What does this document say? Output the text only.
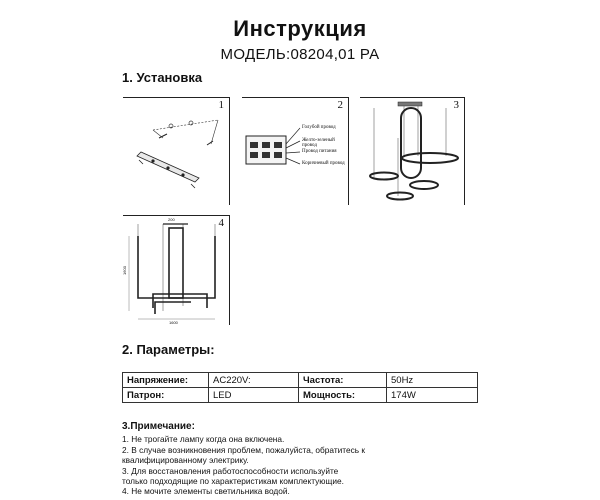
Инструкция
МОДЕЛЬ:08204,01 PA
1. Установка
1	2
Голубой провод
Желто-зеленый провод
Провод питания
Коричневый провод
3
4
200
1600
1600
2. Параметры:
Напряжение:	AC220V:	Частота:	50Hz
Патрон:	LED	Мощность:	174W
3.Примечание:
1. Не трогайте лампу когда она включена.
2. В случае возникновения проблем, пожалуйста, обратитесь к
квалифицированному электрику.
3. Для восстановления работоспособности используйте
только подходящие по характеристикам комплектующие.
4. Не мочите элементы светильника водой.
